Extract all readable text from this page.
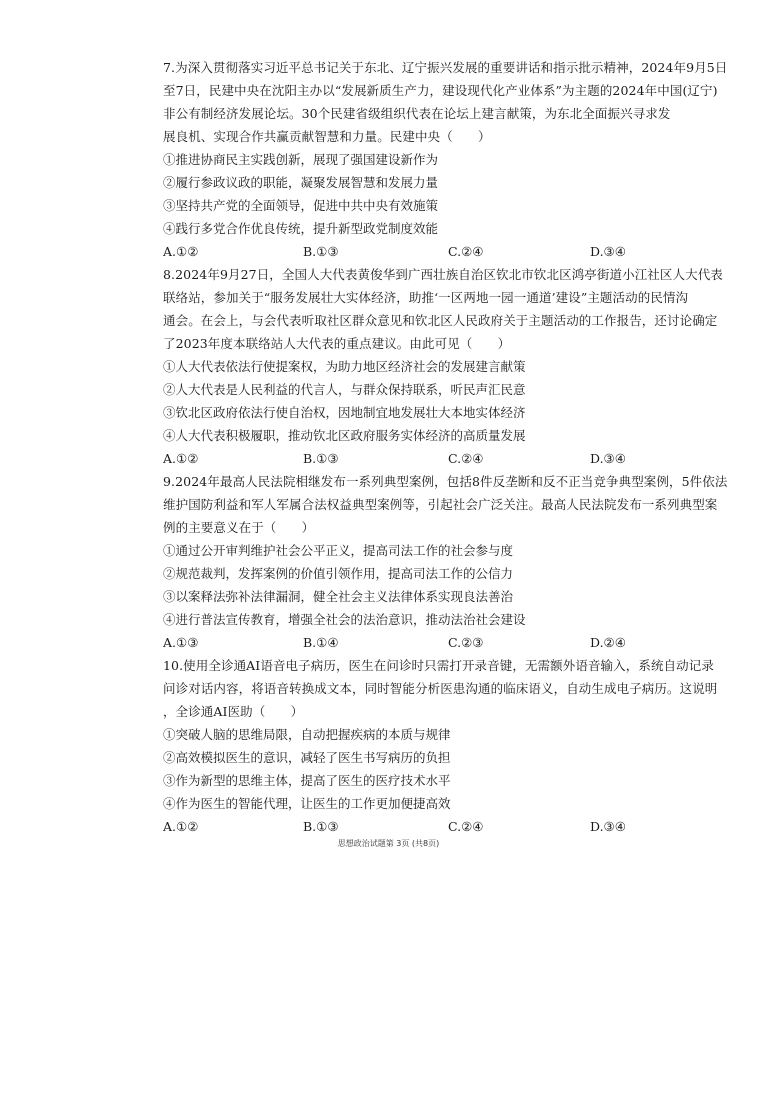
7.为深入贯彻落实习近平总书记关于东北、辽宁振兴发展的重要讲话和指示批示精神，2024年9月5日
至7日，民建中央在沈阳主办以“发展新质生产力，建设现代化产业体系”为主题的2024年中国(辽宁)
非公有制经济发展论坛。30个民建省级组织代表在论坛上建言献策，为东北全面振兴寻求发
展良机、实现合作共赢贡献智慧和力量。民建中央（　　）
①推进协商民主实践创新，展现了强国建设新作为
②履行参政议政的职能，凝聚发展智慧和发展力量
③坚持共产党的全面领导，促进中共中央有效施策
④践行多党合作优良传统，提升新型政党制度效能
A.①②	B.①③	C.②④	D.③④
8.2024年9月27日，全国人大代表黄俊华到广西壮族自治区钦北市钦北区鸿亭街道小江社区人大代表
联络站，参加关于“服务发展壮大实体经济，助推‘一区两地一园一通道’建设”主题活动的民情沟
通会。在会上，与会代表听取社区群众意见和钦北区人民政府关于主题活动的工作报告，还讨论确定
了2023年度本联络站人大代表的重点建议。由此可见（　　）
①人大代表依法行使提案权，为助力地区经济社会的发展建言献策
②人大代表是人民利益的代言人，与群众保持联系，听民声汇民意
③钦北区政府依法行使自治权，因地制宜地发展壮大本地实体经济
④人大代表积极履职，推动钦北区政府服务实体经济的高质量发展
A.①②	B.①③	C.②④	D.③④
9.2024年最高人民法院相继发布一系列典型案例，包括8件反垄断和反不正当竞争典型案例，5件依法
维护国防利益和军人军属合法权益典型案例等，引起社会广泛关注。最高人民法院发布一系列典型案
例的主要意义在于（　　）
①通过公开审判维护社会公平正义，提高司法工作的社会参与度
②规范裁判，发挥案例的价值引领作用，提高司法工作的公信力
③以案释法弥补法律漏洞，健全社会主义法律体系实现良法善治
④进行普法宣传教育，增强全社会的法治意识，推动法治社会建设
A.①③	B.①④	C.②③	D.②④
10.使用全诊通AI语音电子病历，医生在问诊时只需打开录音键，无需额外语音输入，系统自动记录
问诊对话内容，将语音转换成文本，同时智能分析医患沟通的临床语义，自动生成电子病历。这说明
，全诊通AI医助（　　）
①突破人脑的思维局限，自动把握疾病的本质与规律
②高效模拟医生的意识，减轻了医生书写病历的负担
③作为新型的思维主体，提高了医生的医疗技术水平
④作为医生的智能代理，让医生的工作更加便捷高效
A.①②	B.①③	C.②④	D.③④
思想政治试题第 3页 (共8页)
